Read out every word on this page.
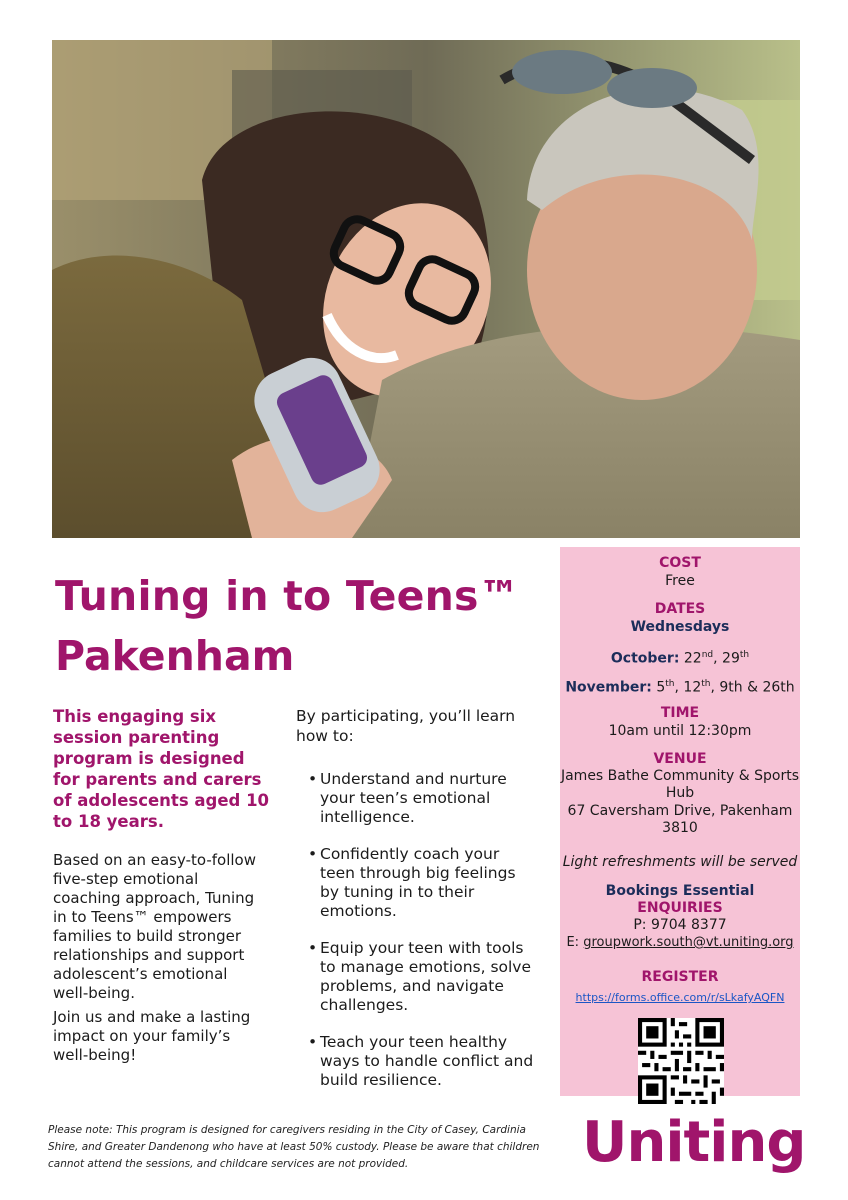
Tuning in to Teens™
Pakenham

This engaging six session parenting program is designed for parents and carers of adolescents aged 10 to 18 years.

Based on an easy-to-follow five-step emotional coaching approach, Tuning in to Teens™ empowers families to build stronger relationships and support adolescent’s emotional well-being.

Join us and make a lasting impact on your family’s well-being!

By participating, you’ll learn how to:

• Understand and nurture your teen’s emotional intelligence.
• Confidently coach your teen through big feelings by tuning in to their emotions.
• Equip your teen with tools to manage emotions, solve problems, and navigate challenges.
• Teach your teen healthy ways to handle conflict and build resilience.
COST
Free
DATES
Wednesdays
October: 22nd, 29th
November: 5th, 12th, 9th & 26th
TIME
10am until 12:30pm
VENUE
James Bathe Community & Sports
Hub
67 Caversham Drive, Pakenham
3810
Light refreshments will be served
Bookings Essential
ENQUIRIES
P: 9704 8377
E: groupwork.south@vt.uniting.org
REGISTER
https://forms.office.com/r/sLkafyAQFN

Please note: This program is designed for caregivers residing in the City of Casey, Cardinia Shire, and Greater Dandenong who have at least 50% custody. Please be aware that children cannot attend the sessions, and childcare services are not provided.	Uniting
